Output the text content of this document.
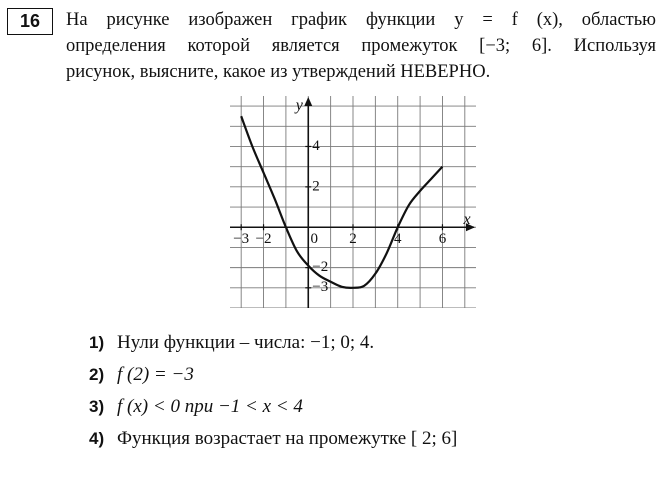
16	На рисунке изображен график функции y = f (x), областью
определения которой является промежуток [−3; 6]. Используя
рисунок, выясните, какое из утверждений НЕВЕРНО.
−3 −2	0 2 4 6
4
2
−2
−3
x
y
1) Нули функции – числа: −1; 0; 4.
2) f (2) = −3
3) f (x) < 0 при −1 < x < 4
4) Функция возрастает на промежутке [ 2; 6]
